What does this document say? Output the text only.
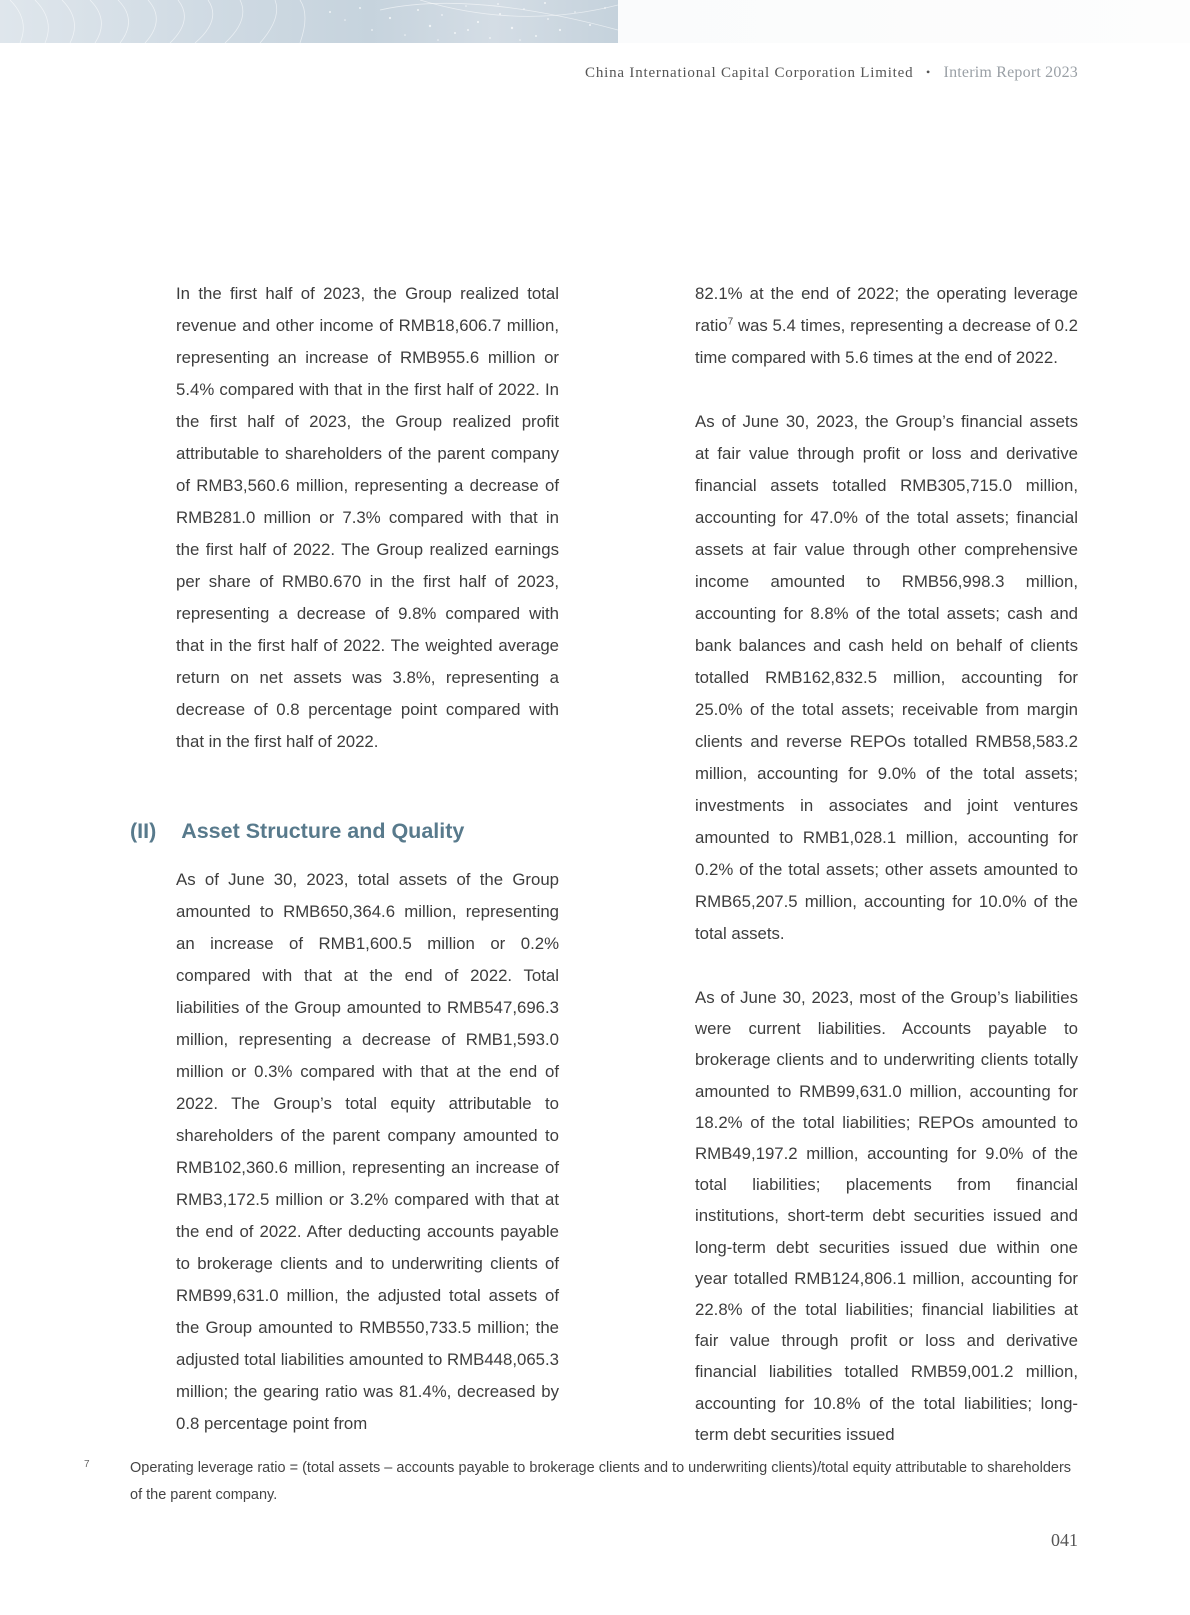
China International Capital Corporation Limited • Interim Report 2023

In the first half of 2023, the Group realized total revenue and other income of RMB18,606.7 million, representing an increase of RMB955.6 million or 5.4% compared with that in the first half of 2022. In the first half of 2023, the Group realized profit attributable to shareholders of the parent company of RMB3,560.6 million, representing a decrease of RMB281.0 million or 7.3% compared with that in the first half of 2022. The Group realized earnings per share of RMB0.670 in the first half of 2023, representing a decrease of 9.8% compared with that in the first half of 2022. The weighted average return on net assets was 3.8%, representing a decrease of 0.8 percentage point compared with that in the first half of 2022.

(II) Asset Structure and Quality

As of June 30, 2023, total assets of the Group amounted to RMB650,364.6 million, representing an increase of RMB1,600.5 million or 0.2% compared with that at the end of 2022. Total liabilities of the Group amounted to RMB547,696.3 million, representing a decrease of RMB1,593.0 million or 0.3% compared with that at the end of 2022. The Group’s total equity attributable to shareholders of the parent company amounted to RMB102,360.6 million, representing an increase of RMB3,172.5 million or 3.2% compared with that at the end of 2022. After deducting accounts payable to brokerage clients and to underwriting clients of RMB99,631.0 million, the adjusted total assets of the Group amounted to RMB550,733.5 million; the adjusted total liabilities amounted to RMB448,065.3 million; the gearing ratio was 81.4%, decreased by 0.8 percentage point from

82.1% at the end of 2022; the operating leverage ratio$^7$ was 5.4 times, representing a decrease of 0.2 time compared with 5.6 times at the end of 2022.

As of June 30, 2023, the Group’s financial assets at fair value through profit or loss and derivative financial assets totalled RMB305,715.0 million, accounting for 47.0% of the total assets; financial assets at fair value through other comprehensive income amounted to RMB56,998.3 million, accounting for 8.8% of the total assets; cash and bank balances and cash held on behalf of clients totalled RMB162,832.5 million, accounting for 25.0% of the total assets; receivable from margin clients and reverse REPOs totalled RMB58,583.2 million, accounting for 9.0% of the total assets; investments in associates and joint ventures amounted to RMB1,028.1 million, accounting for 0.2% of the total assets; other assets amounted to RMB65,207.5 million, accounting for 10.0% of the total assets.

As of June 30, 2023, most of the Group’s liabilities were current liabilities. Accounts payable to brokerage clients and to underwriting clients totally amounted to RMB99,631.0 million, accounting for 18.2% of the total liabilities; REPOs amounted to RMB49,197.2 million, accounting for 9.0% of the total liabilities; placements from financial institutions, short-term debt securities issued and long-term debt securities issued due within one year totalled RMB124,806.1 million, accounting for 22.8% of the total liabilities; financial liabilities at fair value through profit or loss and derivative financial liabilities totalled RMB59,001.2 million, accounting for 10.8% of the total liabilities; long-term debt securities issued

7	Operating leverage ratio = (total assets – accounts payable to brokerage clients and to underwriting clients)/total equity attributable to shareholders of the parent company.
041
